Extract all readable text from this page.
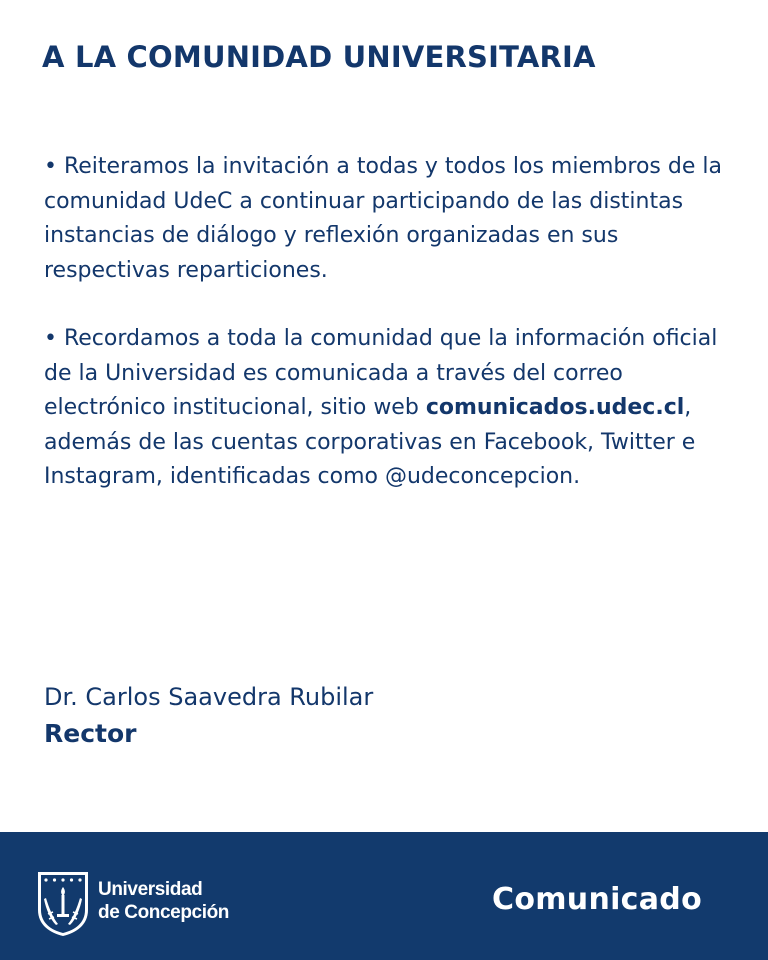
A LA COMUNIDAD UNIVERSITARIA

• Reiteramos la invitación a todas y todos los miembros de la comunidad UdeC a continuar participando de las distintas instancias de diálogo y reflexión organizadas en sus respectivas reparticiones.

• Recordamos a toda la comunidad que la información oficial de la Universidad es comunicada a través del correo electrónico institucional, sitio web comunicados.udec.cl, además de las cuentas corporativas en Facebook, Twitter e Instagram, identificadas como @udeconcepcion.

Dr. Carlos Saavedra Rubilar
Rector
Universidad
de Concepción	Comunicado
